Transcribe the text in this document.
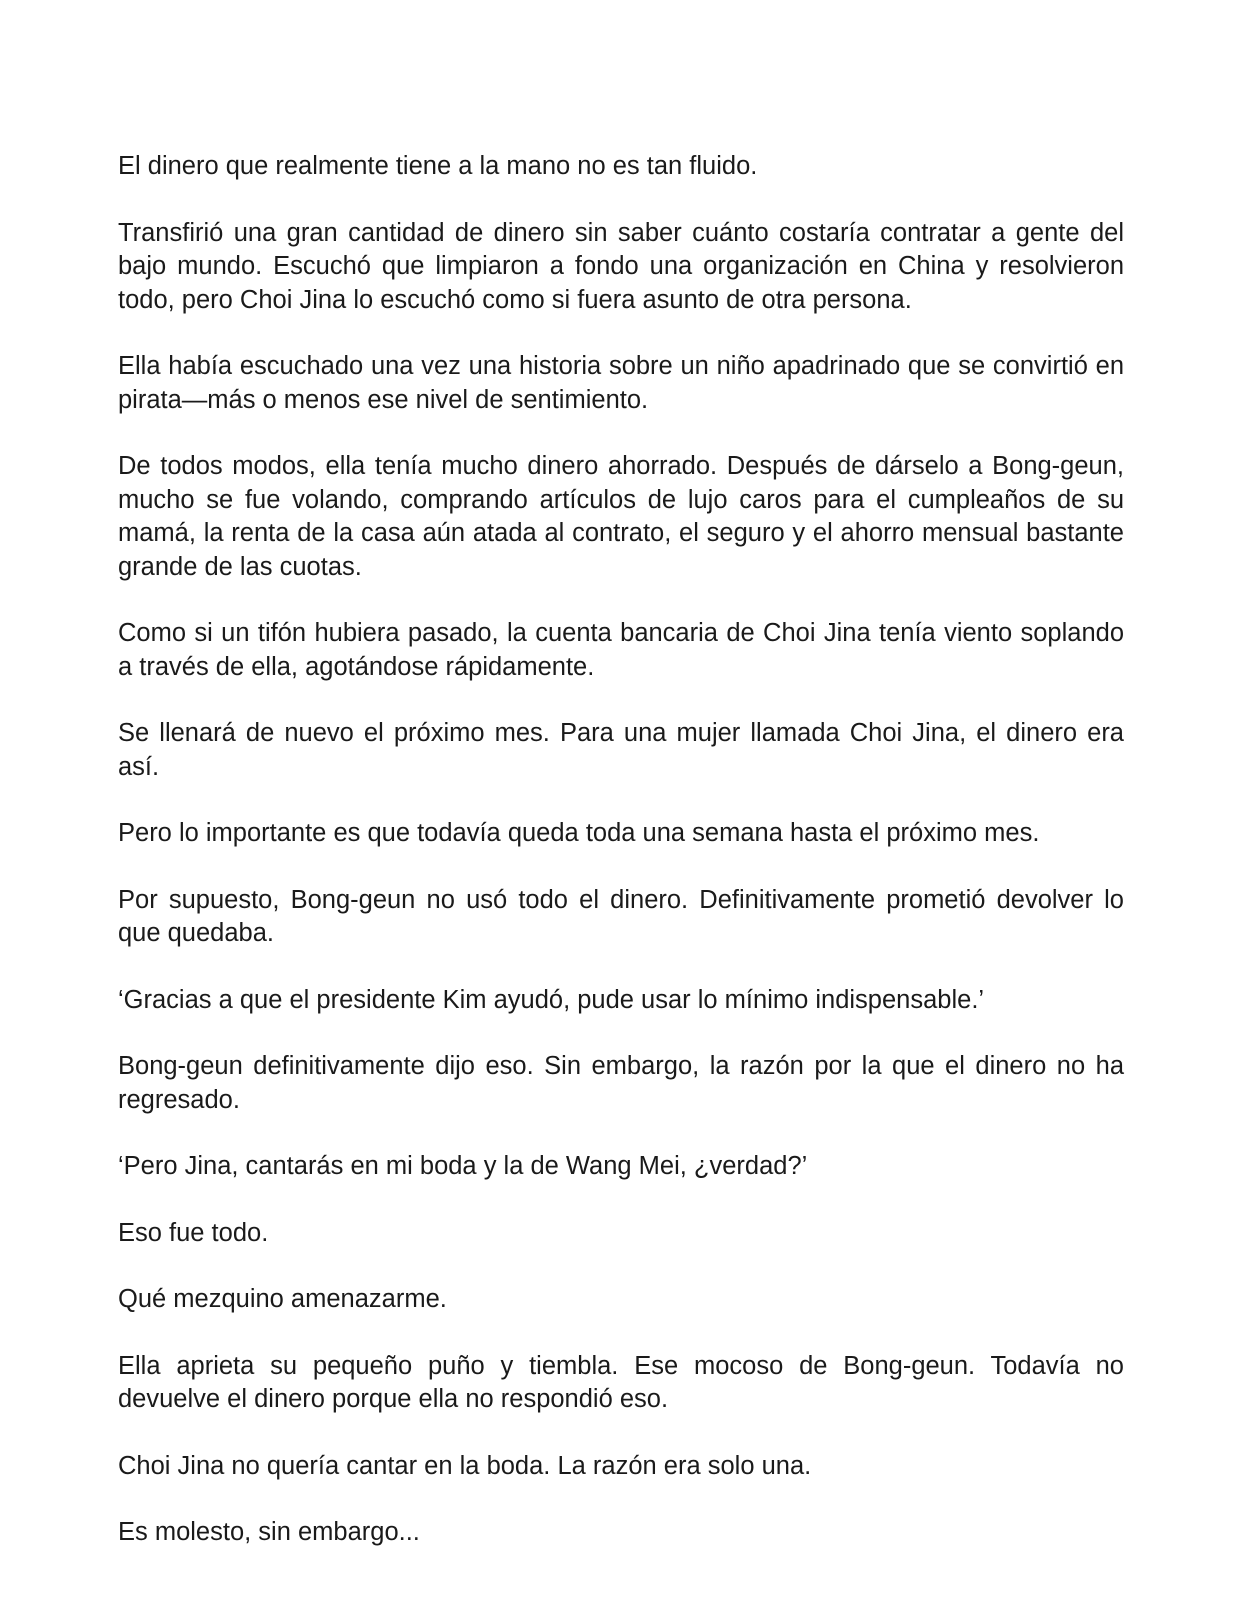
El dinero que realmente tiene a la mano no es tan fluido.

Transfirió una gran cantidad de dinero sin saber cuánto costaría contratar a gente del bajo mundo. Escuchó que limpiaron a fondo una organización en China y resolvieron todo, pero Choi Jina lo escuchó como si fuera asunto de otra persona.

Ella había escuchado una vez una historia sobre un niño apadrinado que se convirtió en pirata—más o menos ese nivel de sentimiento.

De todos modos, ella tenía mucho dinero ahorrado. Después de dárselo a Bong-geun, mucho se fue volando, comprando artículos de lujo caros para el cumpleaños de su mamá, la renta de la casa aún atada al contrato, el seguro y el ahorro mensual bastante grande de las cuotas.

Como si un tifón hubiera pasado, la cuenta bancaria de Choi Jina tenía viento soplando a través de ella, agotándose rápidamente.

Se llenará de nuevo el próximo mes. Para una mujer llamada Choi Jina, el dinero era así.

Pero lo importante es que todavía queda toda una semana hasta el próximo mes.

Por supuesto, Bong-geun no usó todo el dinero. Definitivamente prometió devolver lo que quedaba.

‘Gracias a que el presidente Kim ayudó, pude usar lo mínimo indispensable.’

Bong-geun definitivamente dijo eso. Sin embargo, la razón por la que el dinero no ha regresado.

‘Pero Jina, cantarás en mi boda y la de Wang Mei, ¿verdad?’

Eso fue todo.

Qué mezquino amenazarme.

Ella aprieta su pequeño puño y tiembla. Ese mocoso de Bong-geun. Todavía no devuelve el dinero porque ella no respondió eso.

Choi Jina no quería cantar en la boda. La razón era solo una.

Es molesto, sin embargo...
